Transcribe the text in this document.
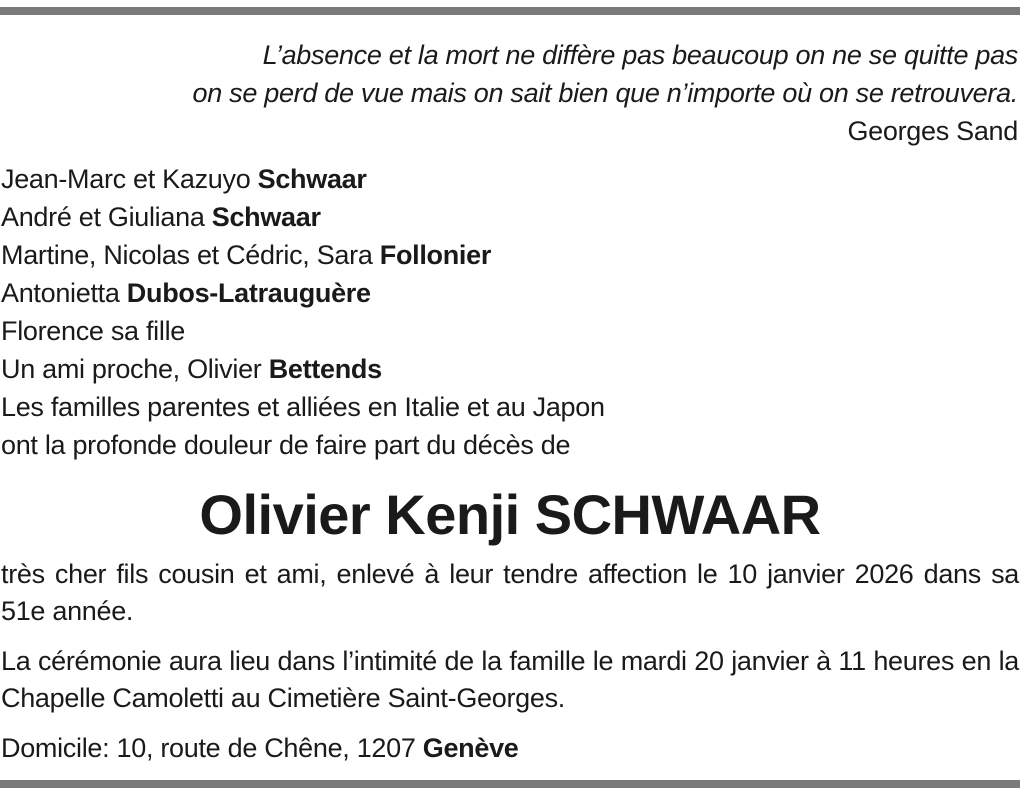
L’absence et la mort ne diffère pas beaucoup on ne se quitte pas
on se perd de vue mais on sait bien que n’importe où on se retrouvera.
Georges Sand
Jean-Marc et Kazuyo Schwaar
André et Giuliana Schwaar
Martine, Nicolas et Cédric, Sara Follonier
Antonietta Dubos-Latrauguère
Florence sa fille
Un ami proche, Olivier Bettends
Les familles parentes et alliées en Italie et au Japon
ont la profonde douleur de faire part du décès de
Olivier Kenji SCHWAAR
très cher fils cousin et ami, enlevé à leur tendre affection le 10 janvier 2026 dans sa 51e année.
La cérémonie aura lieu dans l’intimité de la famille le mardi 20 janvier à 11 heures en la Chapelle Camoletti au Cimetière Saint-Georges.
Domicile: 10, route de Chêne, 1207 Genève
